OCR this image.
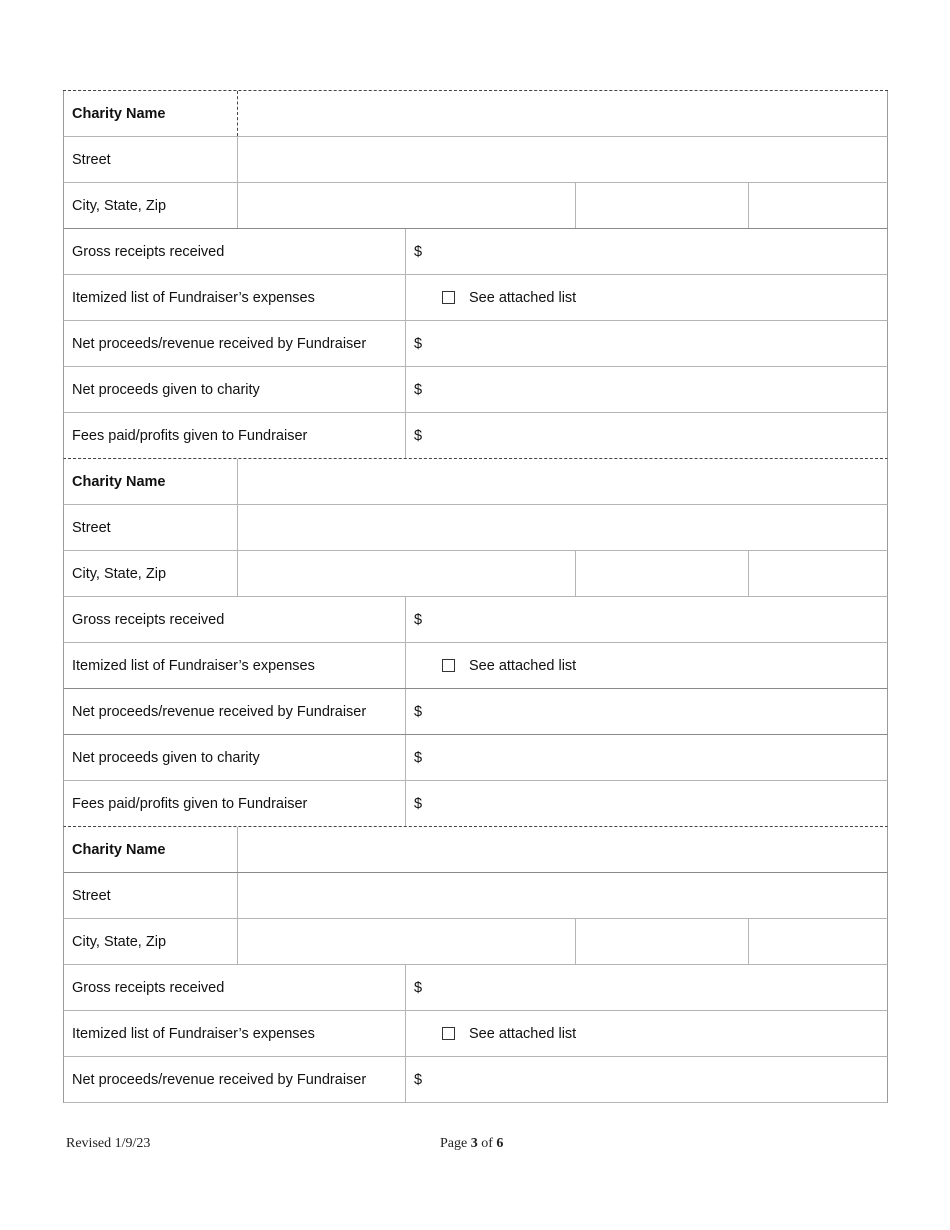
Charity Name
Street
City, State, Zip
Gross receipts received	$
Itemized list of Fundraiser’s expenses	See attached list
Net proceeds/revenue received by Fundraiser	$
Net proceeds given to charity	$
Fees paid/profits given to Fundraiser	$
Charity Name
Street
City, State, Zip
Gross receipts received	$
Itemized list of Fundraiser’s expenses	See attached list
Net proceeds/revenue received by Fundraiser	$
Net proceeds given to charity	$
Fees paid/profits given to Fundraiser	$
Charity Name
Street
City, State, Zip
Gross receipts received	$
Itemized list of Fundraiser’s expenses	See attached list
Net proceeds/revenue received by Fundraiser	$
Revised 1/9/23	Page 3 of 6
